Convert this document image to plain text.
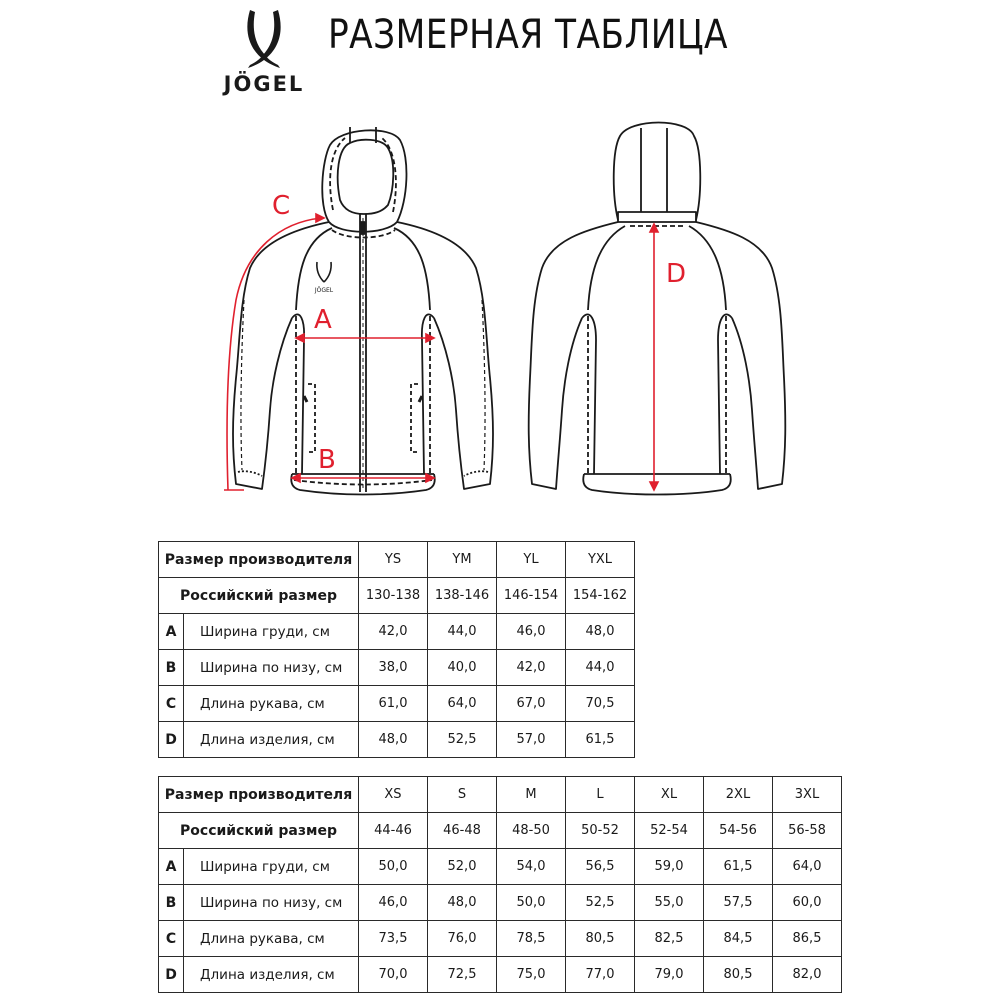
JÖGEL
РАЗМЕРНАЯ ТАБЛИЦА
A
B
C
D
JÖGEL
Размер производителя		YS	YM	YL	YXL
Российский размер		130-138	138-146	146-154	154-162
A	Ширина груди, см	42,0	44,0	46,0	48,0
B	Ширина по низу, см	38,0	40,0	42,0	44,0
C	Длина рукава, см	61,0	64,0	67,0	70,5
D	Длина изделия, см	48,0	52,5	57,0	61,5
Размер производителя		XS	S	M	L	XL	2XL	3XL
Российский размер		44-46	46-48	48-50	50-52	52-54	54-56	56-58
A	Ширина груди, см	50,0	52,0	54,0	56,5	59,0	61,5	64,0
B	Ширина по низу, см	46,0	48,0	50,0	52,5	55,0	57,5	60,0
C	Длина рукава, см	73,5	76,0	78,5	80,5	82,5	84,5	86,5
D	Длина изделия, см	70,0	72,5	75,0	77,0	79,0	80,5	82,0
